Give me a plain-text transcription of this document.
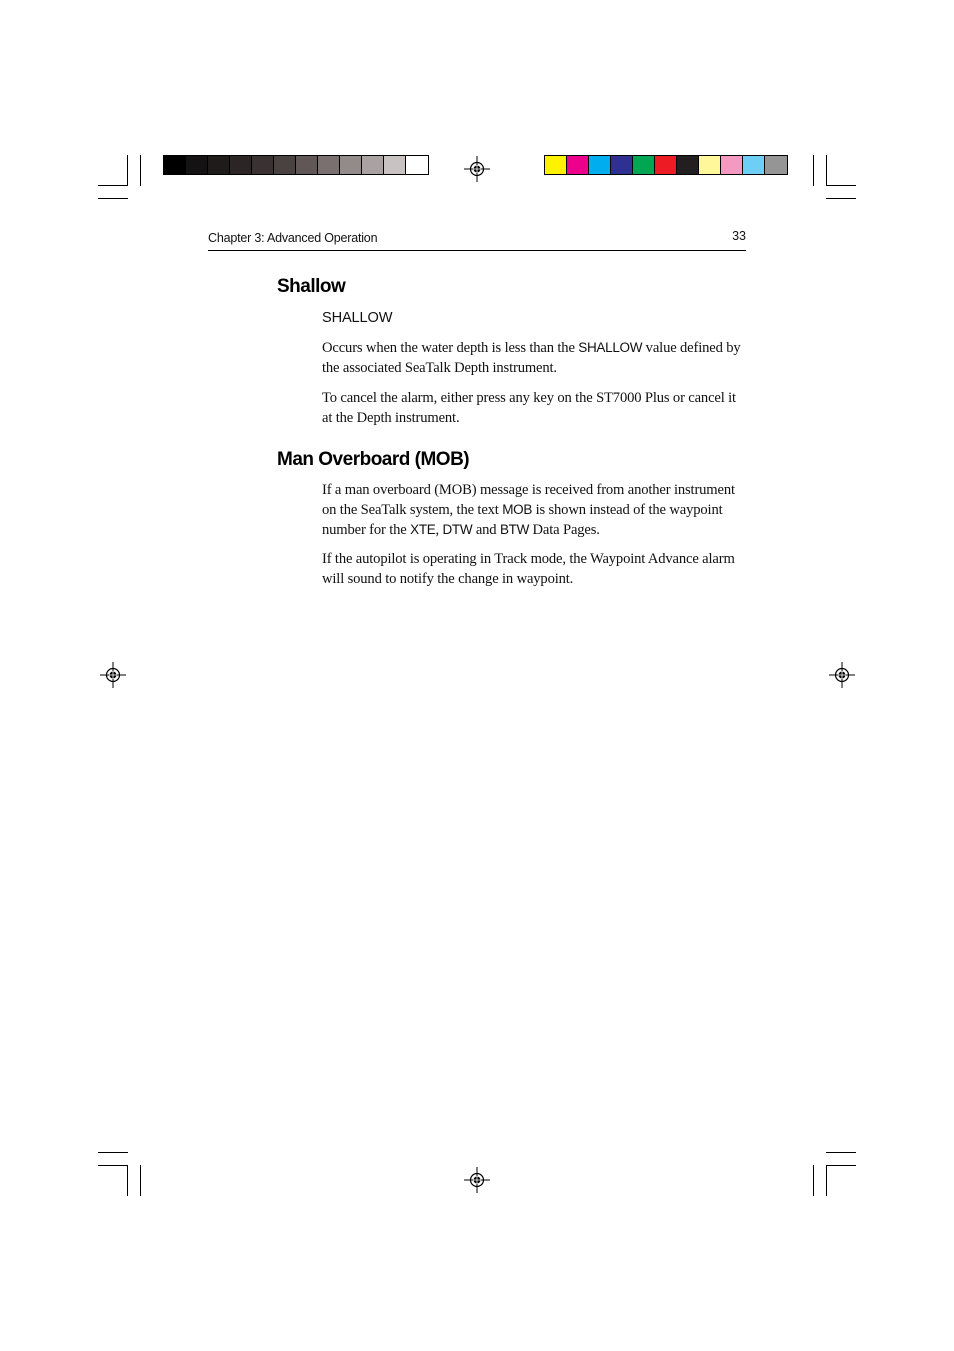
Chapter 3: Advanced Operation	33
Shallow
SHALLOW

Occurs when the water depth is less than the SHALLOW value defined by the associated SeaTalk Depth instrument.

To cancel the alarm, either press any key on the ST7000 Plus or cancel it at the Depth instrument.

Man Overboard (MOB)

If a man overboard (MOB) message is received from another instrument on the SeaTalk system, the text MOB is shown instead of the waypoint number for the XTE, DTW and BTW Data Pages.

If the autopilot is operating in Track mode, the Waypoint Advance alarm will sound to notify the change in waypoint.
